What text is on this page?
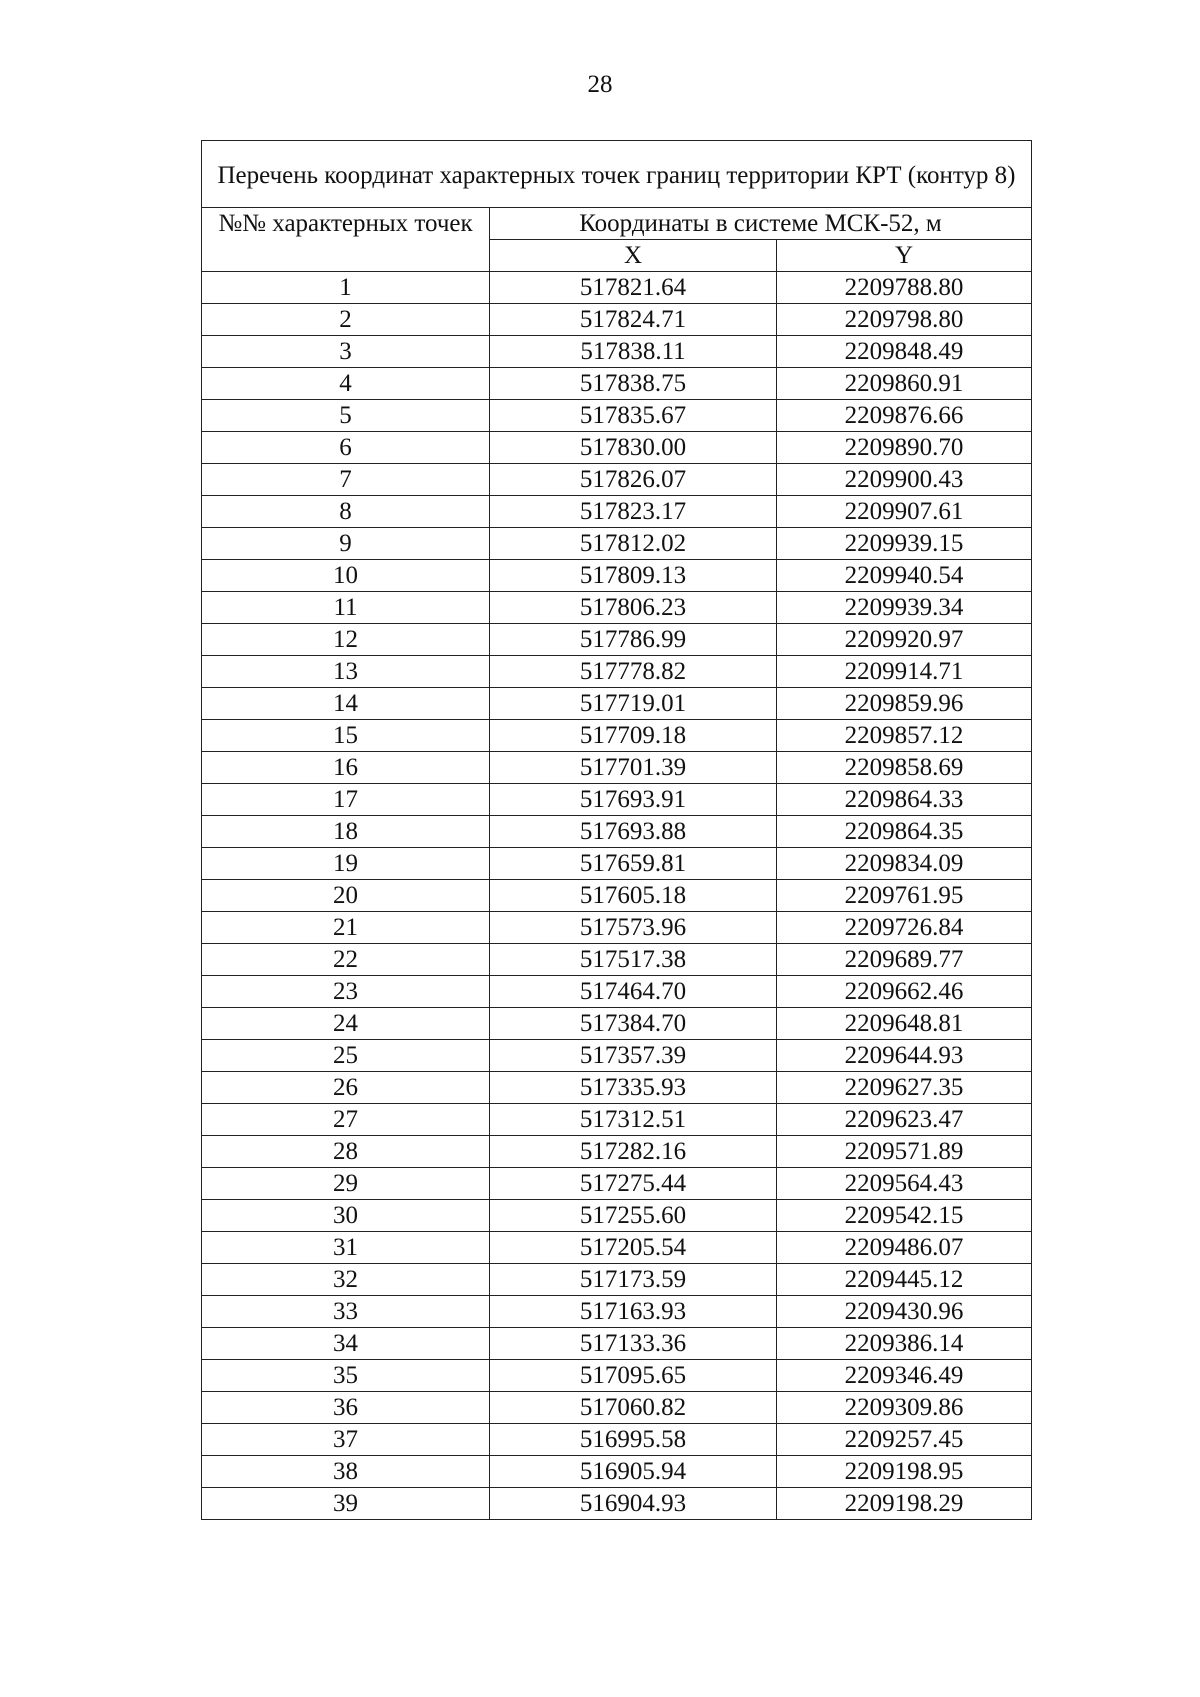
28
Перечень координат характерных точек границ территории КРТ (контур 8)		
№№ характерных точек	Координаты в системе МСК-52, м	
	X	Y
1	517821.64	2209788.80
2	517824.71	2209798.80
3	517838.11	2209848.49
4	517838.75	2209860.91
5	517835.67	2209876.66
6	517830.00	2209890.70
7	517826.07	2209900.43
8	517823.17	2209907.61
9	517812.02	2209939.15
10	517809.13	2209940.54
11	517806.23	2209939.34
12	517786.99	2209920.97
13	517778.82	2209914.71
14	517719.01	2209859.96
15	517709.18	2209857.12
16	517701.39	2209858.69
17	517693.91	2209864.33
18	517693.88	2209864.35
19	517659.81	2209834.09
20	517605.18	2209761.95
21	517573.96	2209726.84
22	517517.38	2209689.77
23	517464.70	2209662.46
24	517384.70	2209648.81
25	517357.39	2209644.93
26	517335.93	2209627.35
27	517312.51	2209623.47
28	517282.16	2209571.89
29	517275.44	2209564.43
30	517255.60	2209542.15
31	517205.54	2209486.07
32	517173.59	2209445.12
33	517163.93	2209430.96
34	517133.36	2209386.14
35	517095.65	2209346.49
36	517060.82	2209309.86
37	516995.58	2209257.45
38	516905.94	2209198.95
39	516904.93	2209198.29
